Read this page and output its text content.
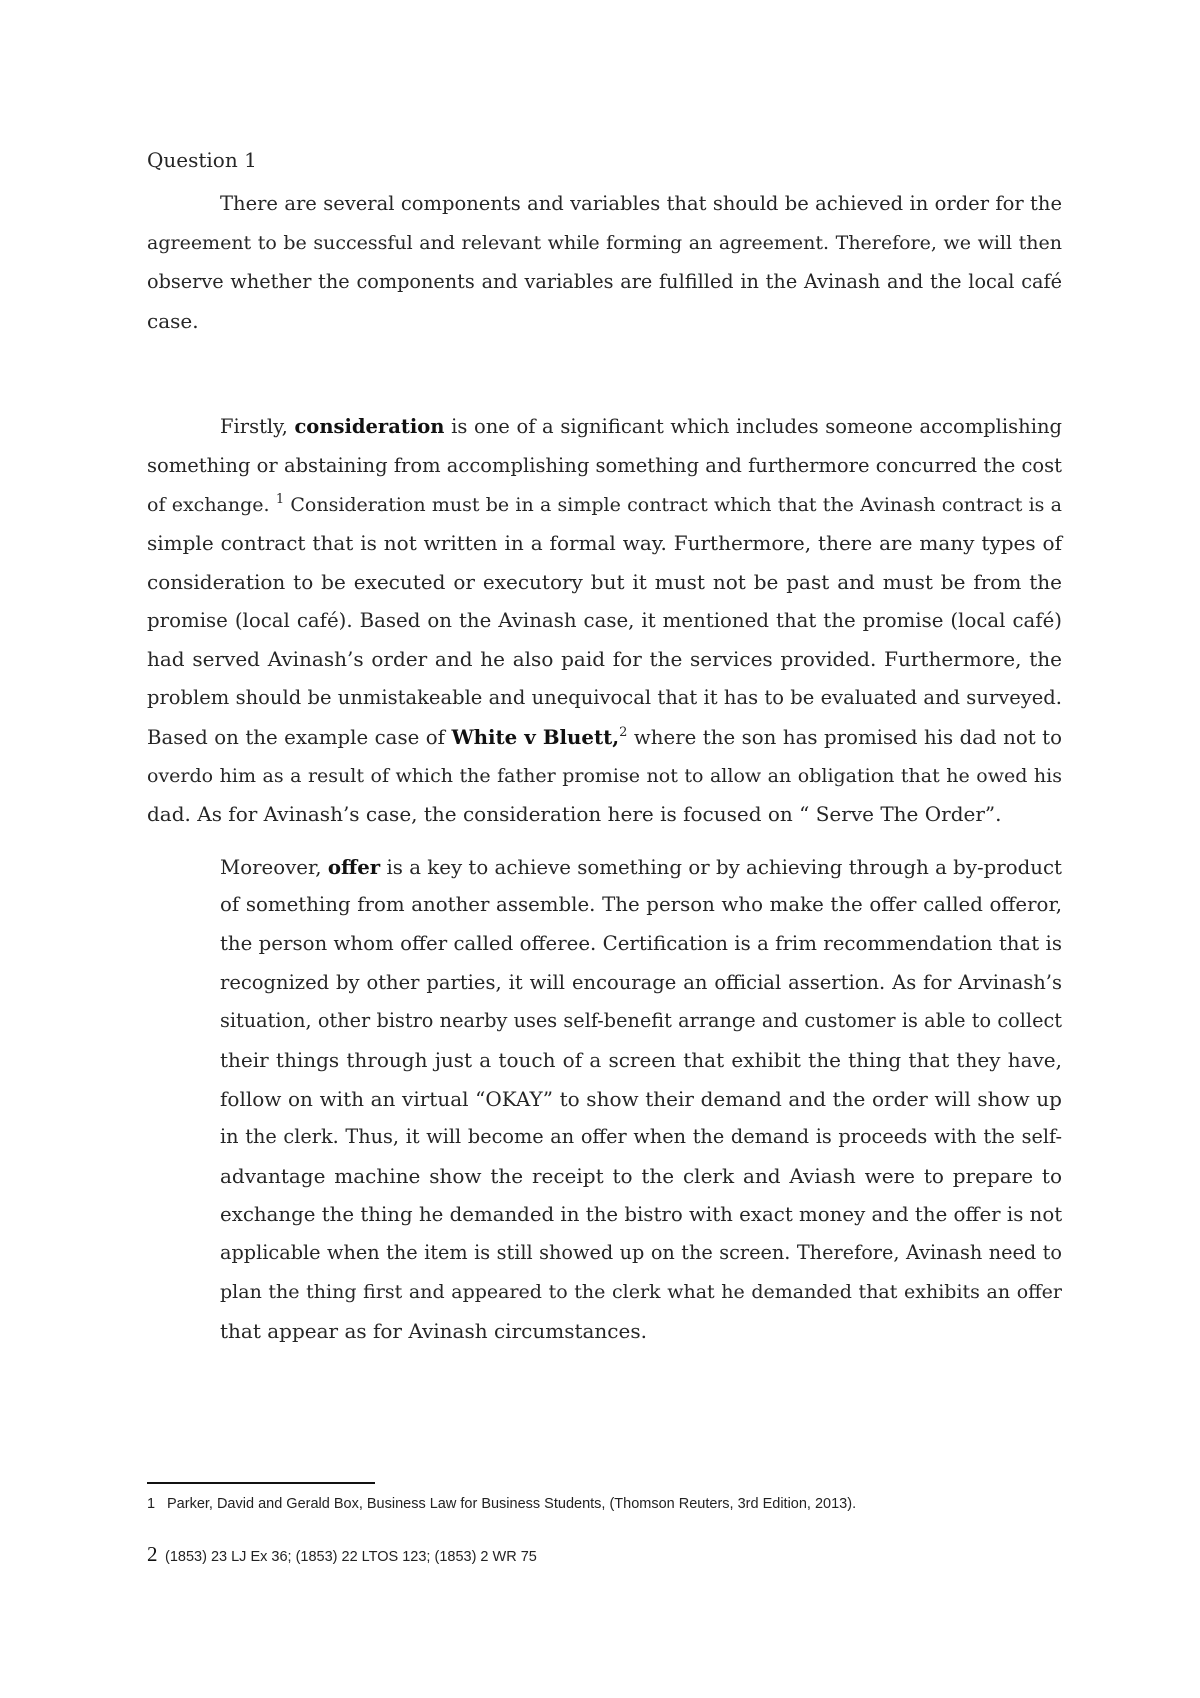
Question 1
There are several components and variables that should be achieved in order for the
agreement to be successful and relevant while forming an agreement. Therefore, we will then
observe whether the components and variables are fulfilled in the Avinash and the local café
case.
Firstly, consideration is one of a significant which includes someone accomplishing
something or abstaining from accomplishing something and furthermore concurred the cost
of exchange. $^1$ Consideration must be in a simple contract which that the Avinash contract is a
simple contract that is not written in a formal way. Furthermore, there are many types of
consideration to be executed or executory but it must not be past and must be from the
promise (local café). Based on the Avinash case, it mentioned that the promise (local café)
had served Avinash’s order and he also paid for the services provided. Furthermore, the
problem should be unmistakeable and unequivocal that it has to be evaluated and surveyed.
Based on the example case of White v Bluett,$^2$ where the son has promised his dad not to
overdo him as a result of which the father promise not to allow an obligation that he owed his
dad. As for Avinash’s case, the consideration here is focused on “ Serve The Order”.
Moreover, offer is a key to achieve something or by achieving through a by-product
of something from another assemble. The person who make the offer called offeror,
the person whom offer called offeree. Certification is a frim recommendation that is
recognized by other parties, it will encourage an official assertion. As for Arvinash’s
situation, other bistro nearby uses self-benefit arrange and customer is able to collect
their things through just a touch of a screen that exhibit the thing that they have,
follow on with an virtual “OKAY” to show their demand and the order will show up
in the clerk. Thus, it will become an offer when the demand is proceeds with the self-
advantage machine show the receipt to the clerk and Aviash were to prepare to
exchange the thing he demanded in the bistro with exact money and the offer is not
applicable when the item is still showed up on the screen. Therefore, Avinash need to
plan the thing first and appeared to the clerk what he demanded that exhibits an offer
that appear as for Avinash circumstances.
1 Parker, David and Gerald Box, Business Law for Business Students, (Thomson Reuters, 3rd Edition, 2013).
2 (1853) 23 LJ Ex 36; (1853) 22 LTOS 123; (1853) 2 WR 75
